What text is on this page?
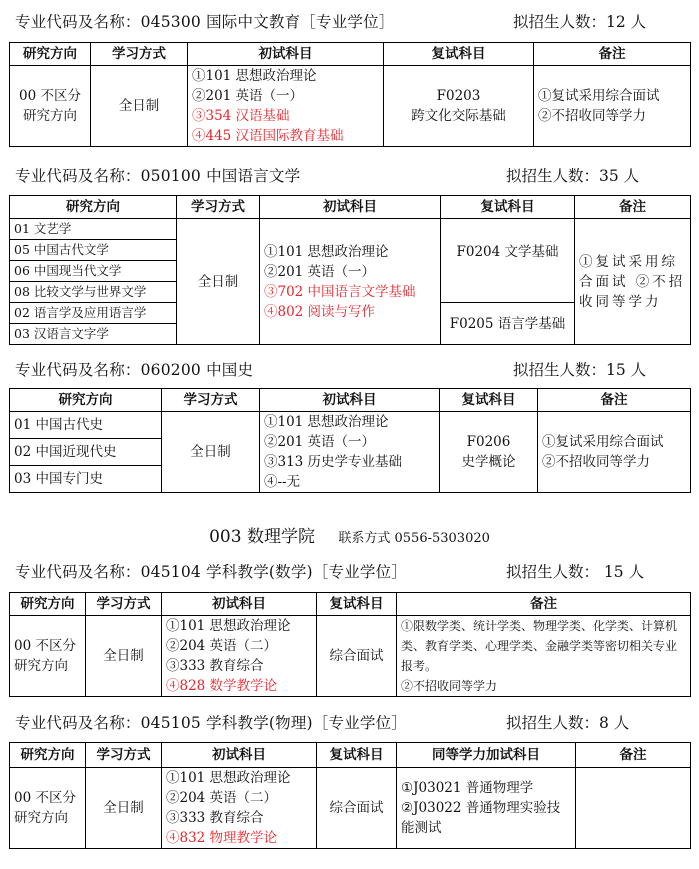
专业代码及名称：045300 国际中文教育［专业学位］	拟招生人数：12 人
研究方向	学习方式	初试科目	复试科目	备注

00 不区分
研究方向	全日制	①101 思想政治理论
②201 英语（一）
③354 汉语基础
④445 汉语国际教育基础	F0203
跨文化交际基础	①复试采用综合面试
②不招收同等学力
专业代码及名称：050100 中国语言文学	拟招生人数：35 人
研究方向	学习方式	初试科目	复试科目	备注
01 文艺学	全日制	①101 思想政治理论
②201 英语（一）
③702 中国语言文学基础
④802 阅读与写作	F0204 文学基础	①复试采用综合面试 ②不招收同等学力
05 中国古代文学				
06 中国现当代文学				
08 比较文学与世界文学				
02 语言学及应用语言学			F0205 语言学基础	
03 汉语言文字学				
专业代码及名称：060200 中国史	拟招生人数：15 人
研究方向	学习方式	初试科目	复试科目	备注
01 中国古代史	全日制	①101 思想政治理论
②201 英语（一）
③313 历史学专业基础
④--无	F0206
史学概论	①复试采用综合面试
②不招收同等学力

02 中国近现代史				
03 中国专门史				
003 数理学院 联系方式 0556-5303020
专业代码及名称：045104 学科教学(数学)［专业学位］	拟招生人数： 15 人
研究方向	学习方式	初试科目	复试科目	备注
00 不区分研究方向	全日制	①101 思想政治理论
②204 英语（二）
③333 教育综合
④828 数学教学论	综合面试	①限数学类、统计学类、物理学类、化学类、计算机类、教育学类、心理学类、金融学类等密切相关专业报考。
②不招收同等学力
专业代码及名称：045105 学科教学(物理)［专业学位］	拟招生人数：8 人
研究方向	学习方式	初试科目	复试科目	同等学力加试科目	备注
00 不区分研究方向	全日制	①101 思想政治理论
②204 英语（二）
③333 教育综合
④832 物理教学论	综合面试	①J03021 普通物理学
②J03022 普通物理实验技能测试	
